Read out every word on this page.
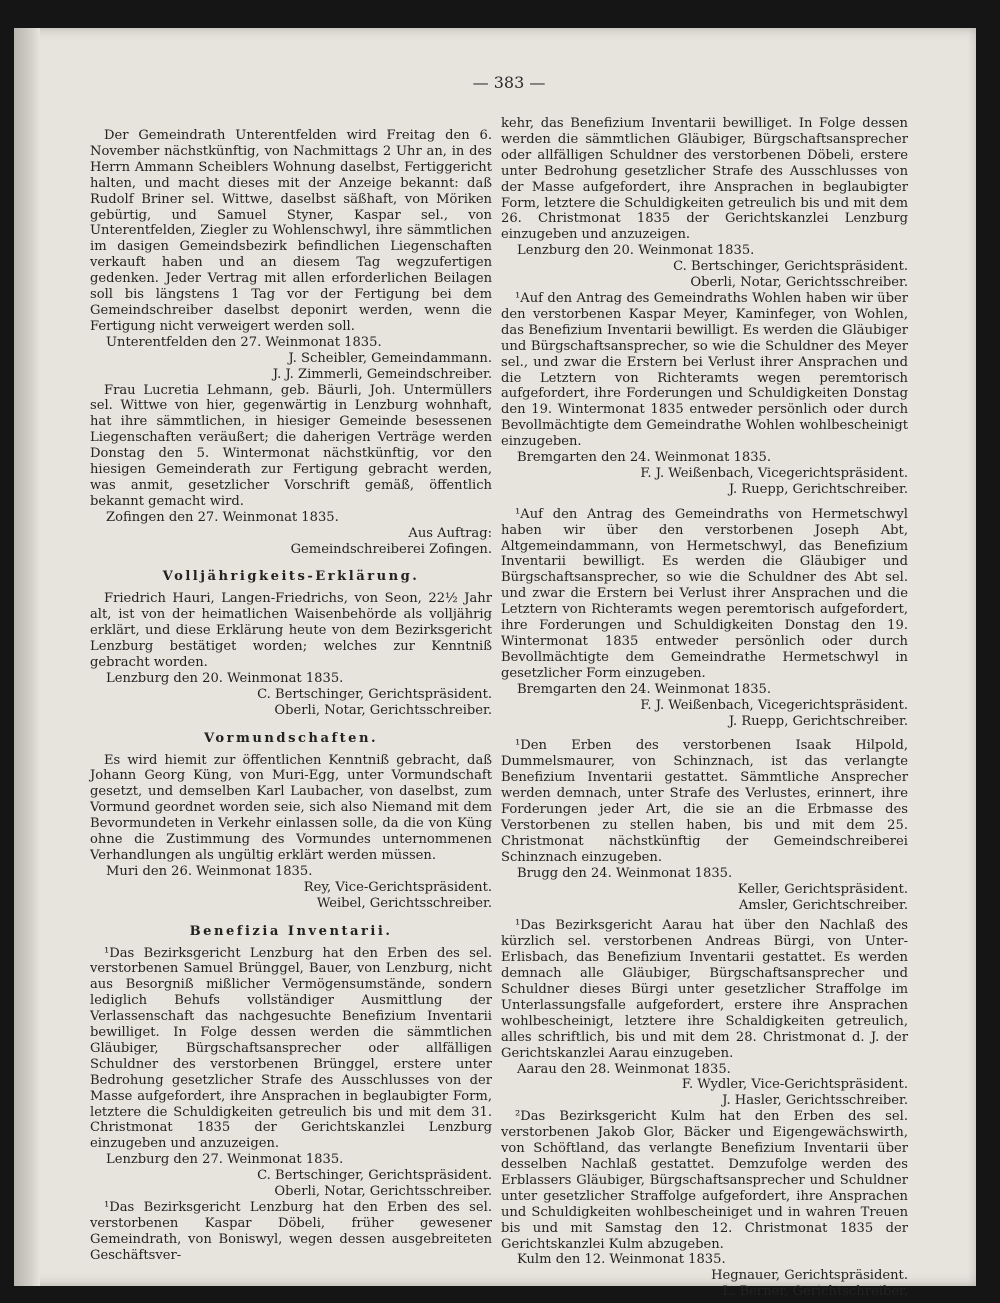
— 383 —

Der Gemeindrath Unterentfelden wird Freitag den 6. November nächstkünftig, von Nachmittags 2 Uhr an, in des Herrn Ammann Scheiblers Wohnung daselbst, Fertiggericht halten, und macht dieses mit der Anzeige bekannt: daß Rudolf Briner sel. Wittwe, daselbst säßhaft, von Möriken gebürtig, und Samuel Styner, Kaspar sel., von Unterentfelden, Ziegler zu Wohlenschwyl, ihre sämmtlichen im dasigen Gemeindsbezirk befindlichen Liegenschaften verkauft haben und an diesem Tag wegzufertigen gedenken. Jeder Vertrag mit allen erforderlichen Beilagen soll bis längstens 1 Tag vor der Fertigung bei dem Gemeindschreiber daselbst deponirt werden, wenn die Fertigung nicht verweigert werden soll.

Unterentfelden den 27. Weinmonat 1835.

J. Scheibler, Gemeindammann.

J. J. Zimmerli, Gemeindschreiber.

Frau Lucretia Lehmann, geb. Bäurli, Joh. Untermüllers sel. Wittwe von hier, gegenwärtig in Lenzburg wohnhaft, hat ihre sämmtlichen, in hiesiger Gemeinde besessenen Liegenschaften veräußert; die daherigen Verträge werden Donstag den 5. Wintermonat nächstkünftig, vor den hiesigen Gemeinderath zur Fertigung gebracht werden, was anmit, gesetzlicher Vorschrift gemäß, öffentlich bekannt gemacht wird.

Zofingen den 27. Weinmonat 1835.

Aus Auftrag:

Gemeindschreiberei Zofingen.

Volljährigkeits-Erklärung.

Friedrich Hauri, Langen-Friedrichs, von Seon, 22½ Jahr alt, ist von der heimatlichen Waisenbehörde als volljährig erklärt, und diese Erklärung heute von dem Bezirksgericht Lenzburg bestätiget worden; welches zur Kenntniß gebracht worden.

Lenzburg den 20. Weinmonat 1835.

C. Bertschinger, Gerichtspräsident.

Oberli, Notar, Gerichtsschreiber.

Vormundschaften.

Es wird hiemit zur öffentlichen Kenntniß gebracht, daß Johann Georg Küng, von Muri-Egg, unter Vormundschaft gesetzt, und demselben Karl Laubacher, von daselbst, zum Vormund geordnet worden seie, sich also Niemand mit dem Bevormundeten in Verkehr einlassen solle, da die von Küng ohne die Zustimmung des Vormundes unternommenen Verhandlungen als ungültig erklärt werden müssen.

Muri den 26. Weinmonat 1835.

Rey, Vice-Gerichtspräsident.

Weibel, Gerichtsschreiber.

Benefizia Inventarii.

¹Das Bezirksgericht Lenzburg hat den Erben des sel. verstorbenen Samuel Brünggel, Bauer, von Lenzburg, nicht aus Besorgniß mißlicher Vermögensumstände, sondern lediglich Behufs vollständiger Ausmittlung der Verlassenschaft das nachgesuchte Benefizium Inventarii bewilliget. In Folge dessen werden die sämmtlichen Gläubiger, Bürgschaftsansprecher oder allfälligen Schuldner des verstorbenen Brünggel, erstere unter Bedrohung gesetzlicher Strafe des Ausschlusses von der Masse aufgefordert, ihre Ansprachen in beglaubigter Form, letztere die Schuldigkeiten getreulich bis und mit dem 31. Christmonat 1835 der Gerichtskanzlei Lenzburg einzugeben und anzuzeigen.

Lenzburg den 27. Weinmonat 1835.

C. Bertschinger, Gerichtspräsident.

Oberli, Notar, Gerichtsschreiber.

¹Das Bezirksgericht Lenzburg hat den Erben des sel. verstorbenen Kaspar Döbeli, früher gewesener Gemeindrath, von Boniswyl, wegen dessen ausgebreiteten Geschäftsver-

kehr, das Benefizium Inventarii bewilliget. In Folge dessen werden die sämmtlichen Gläubiger, Bürgschaftsansprecher oder allfälligen Schuldner des verstorbenen Döbeli, erstere unter Bedrohung gesetzlicher Strafe des Ausschlusses von der Masse aufgefordert, ihre Ansprachen in beglaubigter Form, letztere die Schuldigkeiten getreulich bis und mit dem 26. Christmonat 1835 der Gerichtskanzlei Lenzburg einzugeben und anzuzeigen.

Lenzburg den 20. Weinmonat 1835.

C. Bertschinger, Gerichtspräsident.

Oberli, Notar, Gerichtsschreiber.

¹Auf den Antrag des Gemeindraths Wohlen haben wir über den verstorbenen Kaspar Meyer, Kaminfeger, von Wohlen, das Benefizium Inventarii bewilligt. Es werden die Gläubiger und Bürgschaftsansprecher, so wie die Schuldner des Meyer sel., und zwar die Erstern bei Verlust ihrer Ansprachen und die Letztern von Richteramts wegen peremtorisch aufgefordert, ihre Forderungen und Schuldigkeiten Donstag den 19. Wintermonat 1835 entweder persönlich oder durch Bevollmächtigte dem Gemeindrathe Wohlen wohlbescheinigt einzugeben.

Bremgarten den 24. Weinmonat 1835.

F. J. Weißenbach, Vicegerichtspräsident.

J. Ruepp, Gerichtschreiber.

¹Auf den Antrag des Gemeindraths von Hermetschwyl haben wir über den verstorbenen Joseph Abt, Altgemeindammann, von Hermetschwyl, das Benefizium Inventarii bewilligt. Es werden die Gläubiger und Bürgschaftsansprecher, so wie die Schuldner des Abt sel. und zwar die Erstern bei Verlust ihrer Ansprachen und die Letztern von Richteramts wegen peremtorisch aufgefordert, ihre Forderungen und Schuldigkeiten Donstag den 19. Wintermonat 1835 entweder persönlich oder durch Bevollmächtigte dem Gemeindrathe Hermetschwyl in gesetzlicher Form einzugeben.

Bremgarten den 24. Weinmonat 1835.

F. J. Weißenbach, Vicegerichtspräsident.

J. Ruepp, Gerichtschreiber.

¹Den Erben des verstorbenen Isaak Hilpold, Dummelsmaurer, von Schinznach, ist das verlangte Benefizium Inventarii gestattet. Sämmtliche Ansprecher werden demnach, unter Strafe des Verlustes, erinnert, ihre Forderungen jeder Art, die sie an die Erbmasse des Verstorbenen zu stellen haben, bis und mit dem 25. Christmonat nächstkünftig der Gemeindschreiberei Schinznach einzugeben.

Brugg den 24. Weinmonat 1835.

Keller, Gerichtspräsident.

Amsler, Gerichtschreiber.

¹Das Bezirksgericht Aarau hat über den Nachlaß des kürzlich sel. verstorbenen Andreas Bürgi, von Unter-Erlisbach, das Benefizium Inventarii gestattet. Es werden demnach alle Gläubiger, Bürgschaftsansprecher und Schuldner dieses Bürgi unter gesetzlicher Straffolge im Unterlassungsfalle aufgefordert, erstere ihre Ansprachen wohlbescheinigt, letztere ihre Schaldigkeiten getreulich, alles schriftlich, bis und mit dem 28. Christmonat d. J. der Gerichtskanzlei Aarau einzugeben.

Aarau den 28. Weinmonat 1835.

F. Wydler, Vice-Gerichtspräsident.

J. Hasler, Gerichtsschreiber.

²Das Bezirksgericht Kulm hat den Erben des sel. verstorbenen Jakob Glor, Bäcker und Eigengewächswirth, von Schöftland, das verlangte Benefizium Inventarii über desselben Nachlaß gestattet. Demzufolge werden des Erblassers Gläubiger, Bürgschaftsansprecher und Schuldner unter gesetzlicher Straffolge aufgefordert, ihre Ansprachen und Schuldigkeiten wohlbescheiniget und in wahren Treuen bis und mit Samstag den 12. Christmonat 1835 der Gerichtskanzlei Kulm abzugeben.

Kulm den 12. Weinmonat 1835.

Hegnauer, Gerichtspräsident.

L. Berner, Gerichtschreiber.
